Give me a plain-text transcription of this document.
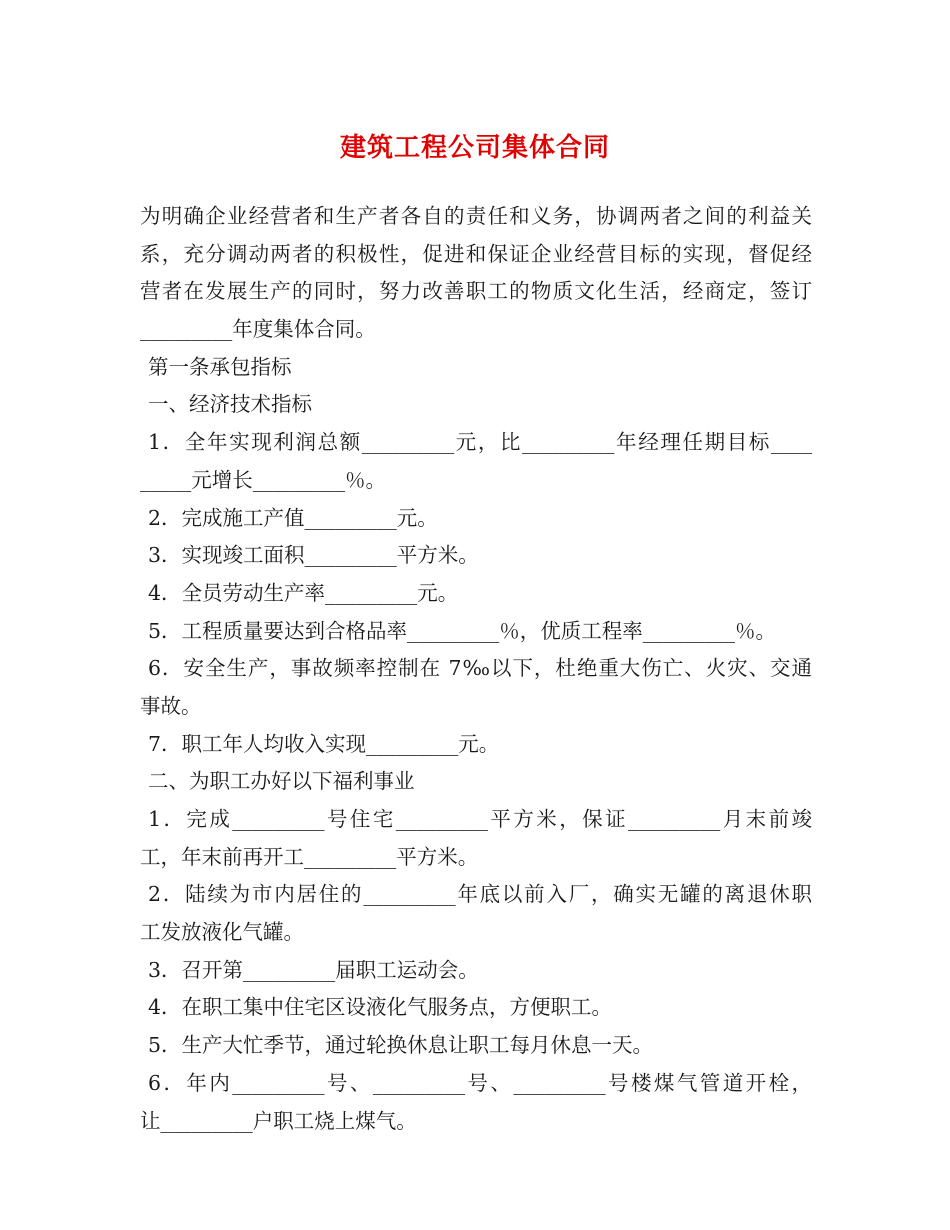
建筑工程公司集体合同

为明确企业经营者和生产者各自的责任和义务，协调两者之间的利益关

系，充分调动两者的积极性，促进和保证企业经营目标的实现，督促经

营者在发展生产的同时，努力改善职工的物质文化生活，经商定，签订

_________年度集体合同。

第一条承包指标

一、经济技术指标

1．全年实现利润总额_________元，比_________年经理任期目标____

_____元增长_________％。

2．完成施工产值_________元。

3．实现竣工面积_________平方米。

4．全员劳动生产率_________元。

5．工程质量要达到合格品率_________％，优质工程率_________％。

6．安全生产，事故频率控制在 7‰以下，杜绝重大伤亡、火灾、交通

事故。

7．职工年人均收入实现_________元。

二、为职工办好以下福利事业

1．完成_________号住宅_________平方米，保证_________月末前竣

工，年末前再开工_________平方米。

2．陆续为市内居住的_________年底以前入厂，确实无罐的离退休职

工发放液化气罐。

3．召开第_________届职工运动会。

4．在职工集中住宅区设液化气服务点，方便职工。

5．生产大忙季节，通过轮换休息让职工每月休息一天。

6．年内_________号、_________号、_________号楼煤气管道开栓，

让_________户职工烧上煤气。
